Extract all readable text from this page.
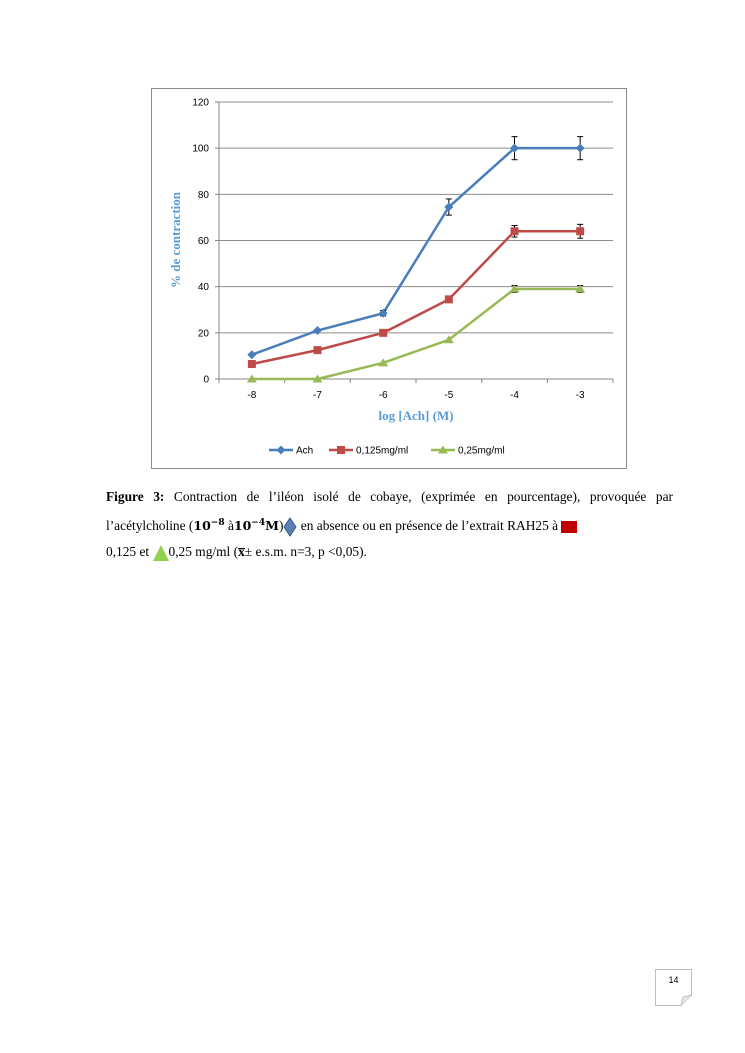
0
20
40
60
80
100
120
-8	-7	-6	-5	-4	-3
% de contraction
log [Ach] (M)
Ach	0,125mg/ml	0,25mg/ml
Figure 3: Contraction de l’iléon isolé de cobaye, (exprimée en pourcentage), provoquée par l’acétylcholine ($10^{-8}$ $à10^{-4}M$) en absence ou en présence de l’extrait RAH25 à
0,125 et 0,25 mg/ml (x̅± e.s.m. n=3, p <0,05).
14
